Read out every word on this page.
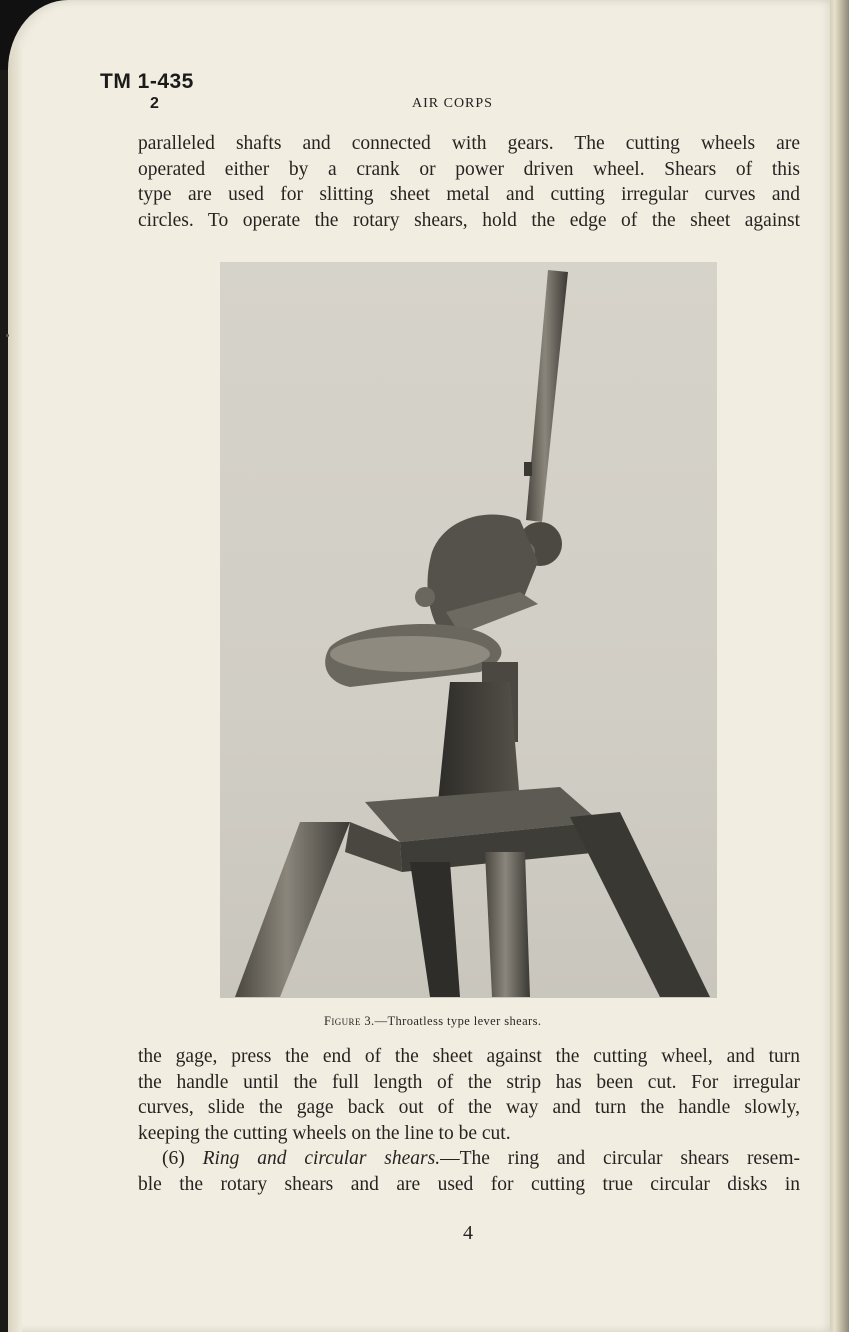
TM 1-435
2	AIR CORPS
paralleled shafts and connected with gears. The cutting wheels are
operated either by a crank or power driven wheel. Shears of this
type are used for slitting sheet metal and cutting irregular curves and
circles. To operate the rotary shears, hold the edge of the sheet against
Figure 3.—Throatless type lever shears.
the gage, press the end of the sheet against the cutting wheel, and turn
the handle until the full length of the strip has been cut. For irregular
curves, slide the gage back out of the way and turn the handle slowly,
keeping the cutting wheels on the line to be cut.
(6) Ring and circular shears.—The ring and circular shears resem-
ble the rotary shears and are used for cutting true circular disks in
4
